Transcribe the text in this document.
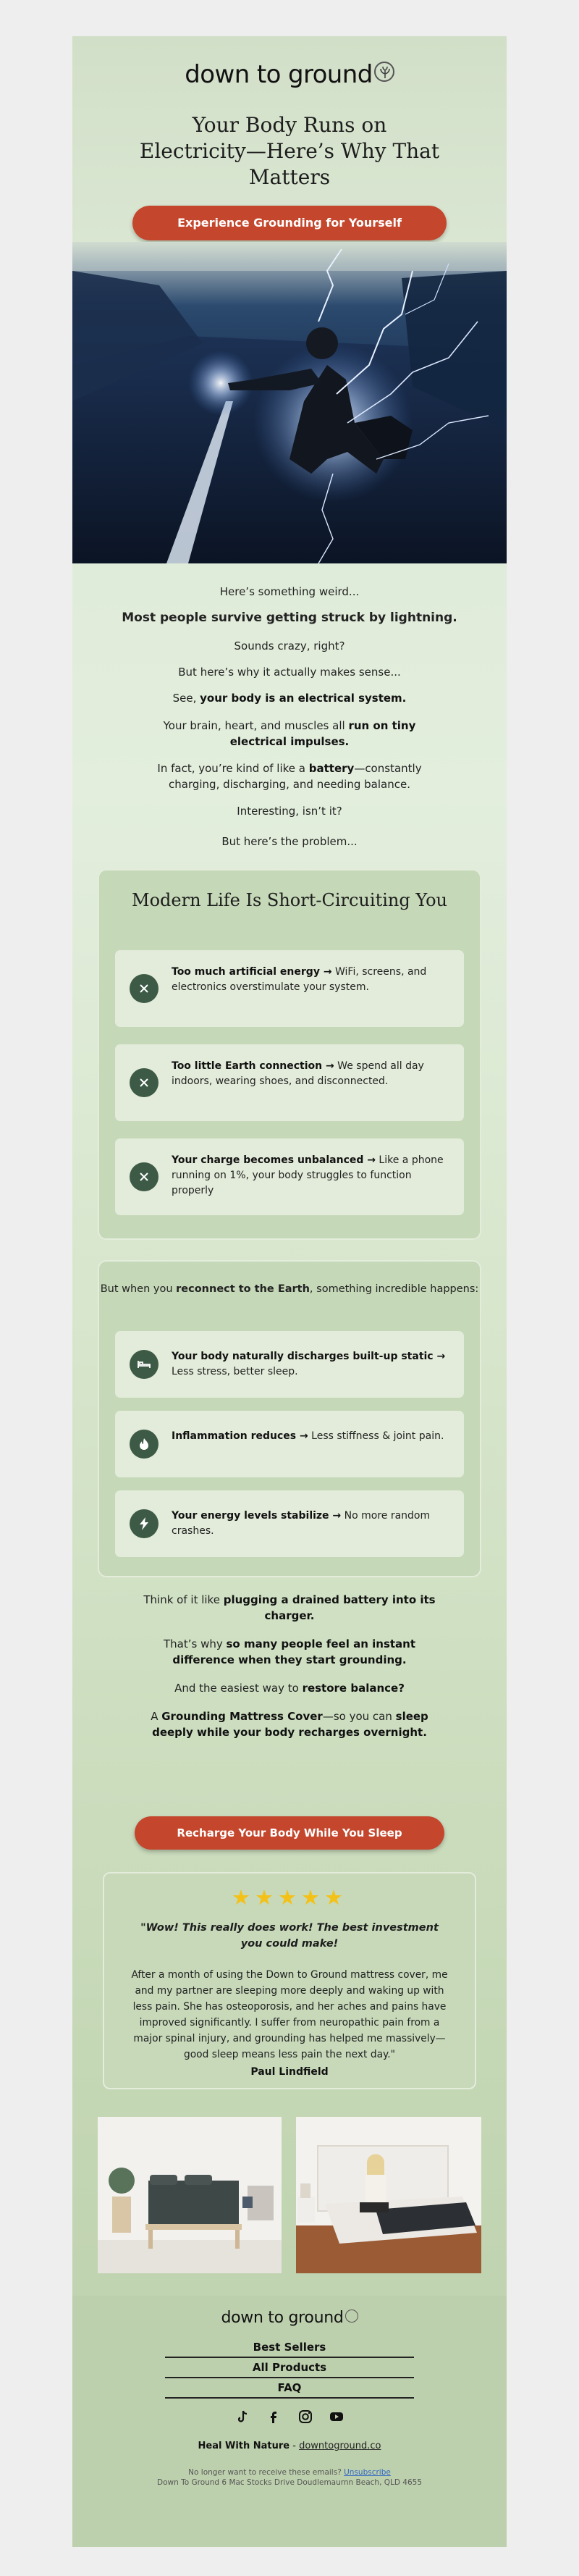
down to ground
Your Body Runs on Electricity—Here’s Why That Matters
Experience Grounding for Yourself
Here’s something weird...
Most people survive getting struck by lightning.
Sounds crazy, right?
But here’s why it actually makes sense...
See, your body is an electrical system.
Your brain, heart, and muscles all run on tiny electrical impulses.
In fact, you’re kind of like a battery—constantly charging, discharging, and needing balance.
Interesting, isn’t it?
But here’s the problem...
Modern Life Is Short-Circuiting You
Too much artificial energy → WiFi, screens, and electronics overstimulate your system.
Too little Earth connection → We spend all day indoors, wearing shoes, and disconnected.
Your charge becomes unbalanced → Like a phone running on 1%, your body struggles to function properly
But when you reconnect to the Earth, something incredible happens:
Your body naturally discharges built-up static → Less stress, better sleep.
Inflammation reduces → Less stiffness & joint pain.
Your energy levels stabilize → No more random crashes.
Think of it like plugging a drained battery into its charger.
That’s why so many people feel an instant difference when they start grounding.
And the easiest way to restore balance?
A Grounding Mattress Cover—so you can sleep deeply while your body recharges overnight.
Recharge Your Body While You Sleep
★★★★★
"Wow! This really does work! The best investment you could make!
After a month of using the Down to Ground mattress cover, me and my partner are sleeping more deeply and waking up with less pain. She has osteoporosis, and her aches and pains have improved significantly. I suffer from neuropathic pain from a major spinal injury, and grounding has helped me massively—good sleep means less pain the next day."
Paul Lindfield
down to ground
Best Sellers
All Products
FAQ

Heal With Nature - downtoground.co
No longer want to receive these emails? Unsubscribe
Down To Ground 6 Mac Stocks Drive Doudlemaurnn Beach, QLD 4655
